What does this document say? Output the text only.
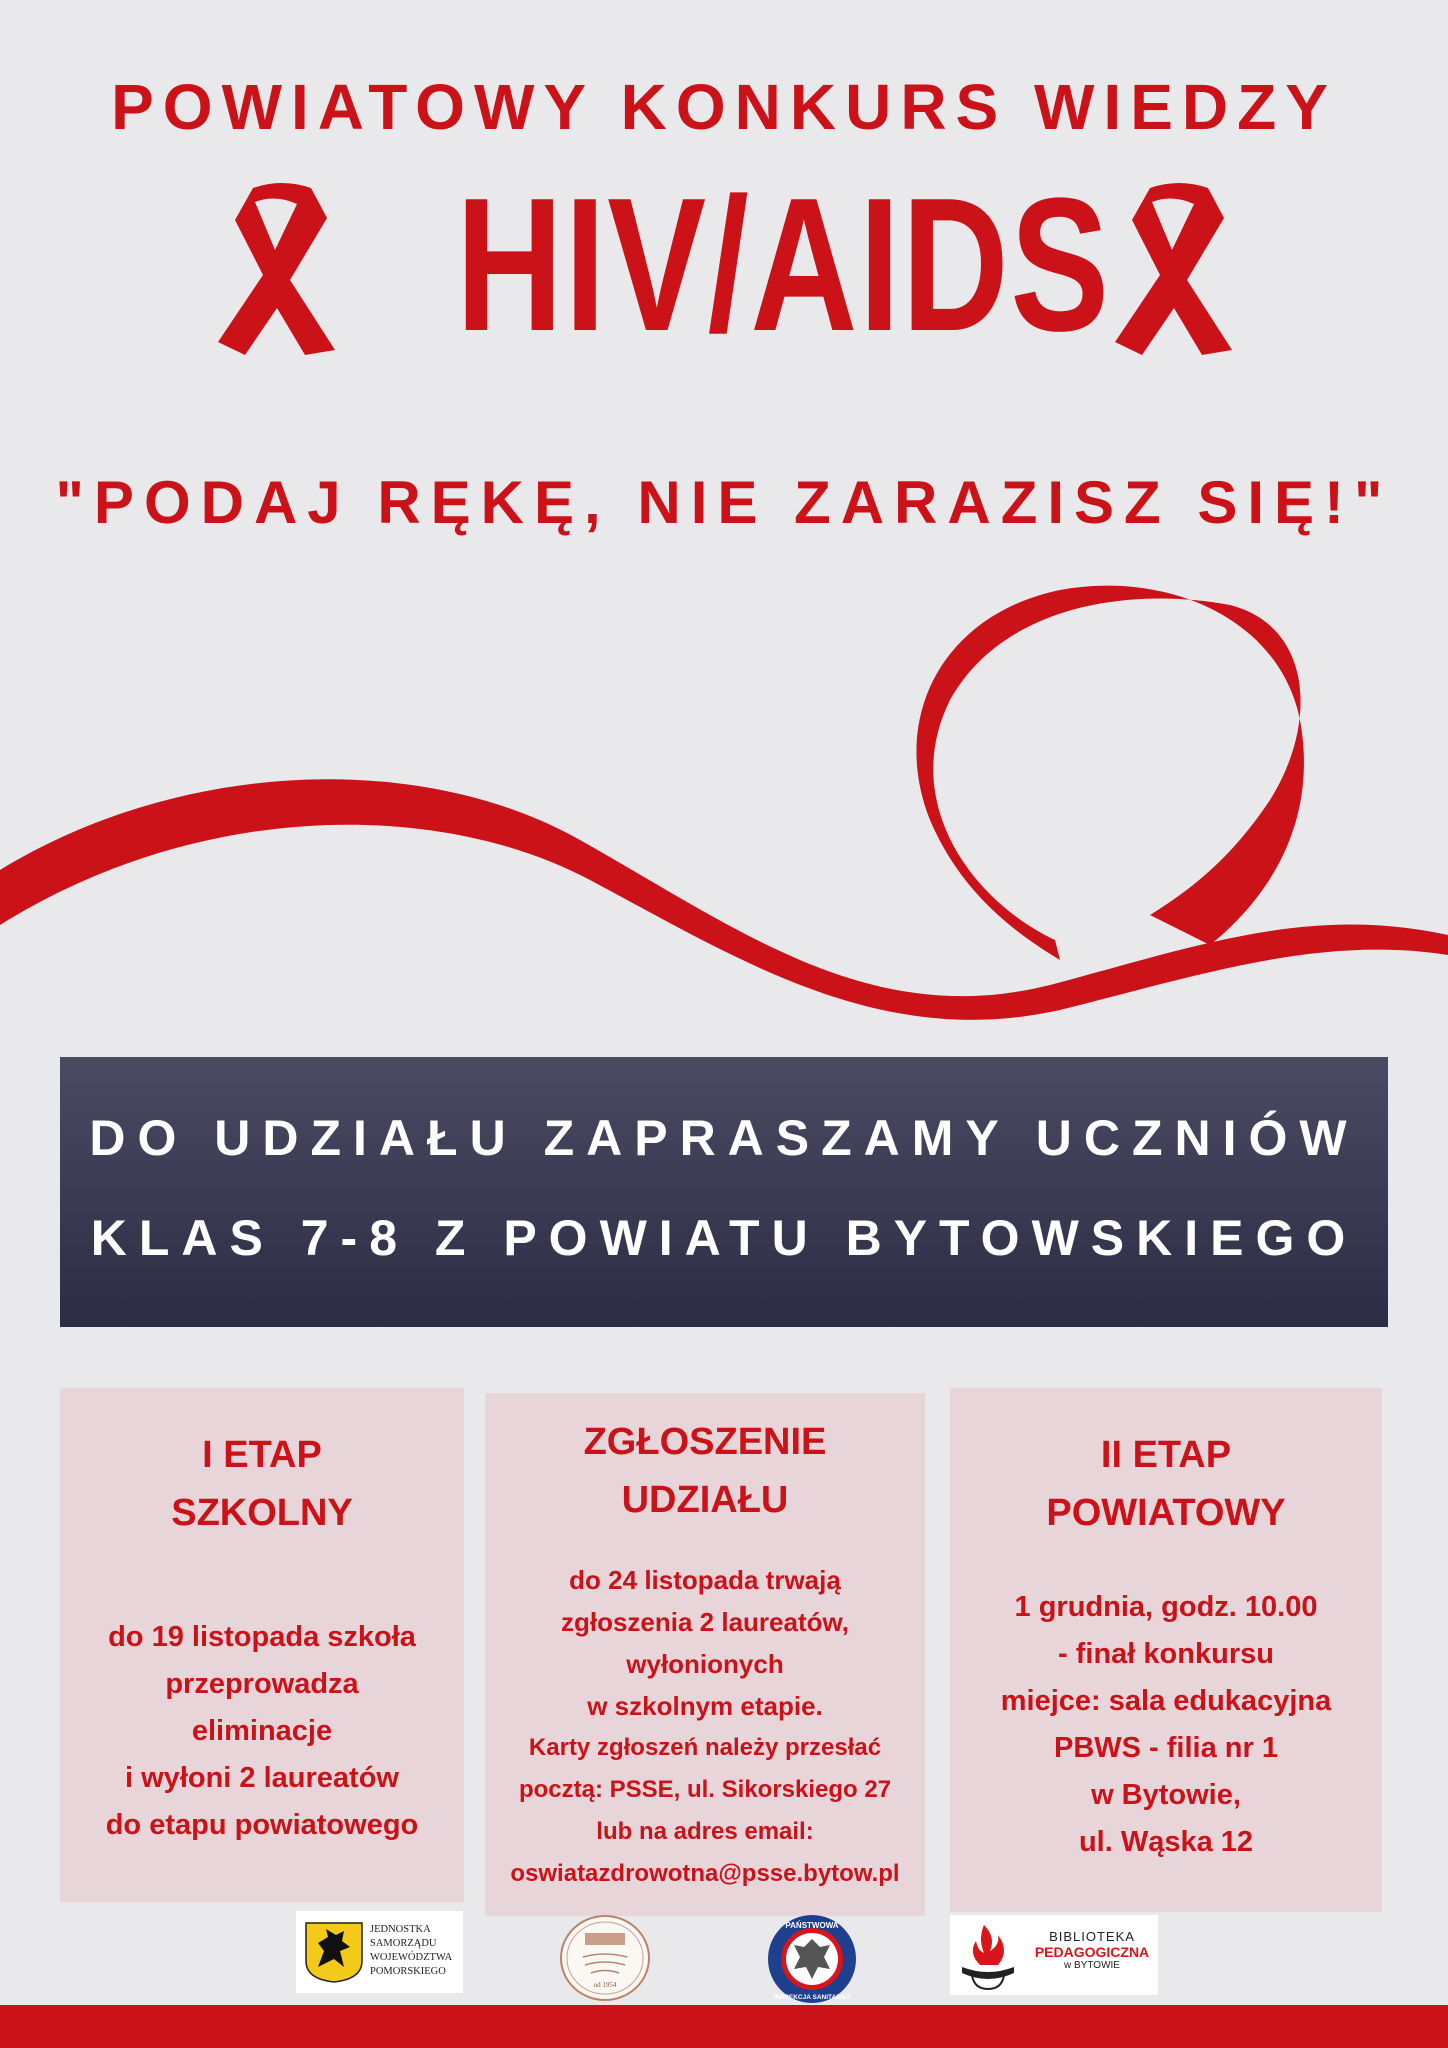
POWIATOWY KONKURS WIEDZY
HIV/AIDS
"PODAJ RĘKĘ, NIE ZARAZISZ SIĘ!"
DO UDZIAŁU ZAPRASZAMY UCZNIÓW
KLAS 7-8 Z POWIATU BYTOWSKIEGO
I ETAP
SZKOLNY
do 19 listopada szkoła
przeprowadza
eliminacje
i wyłoni 2 laureatów
do etapu powiatowego
ZGŁOSZENIE
UDZIAŁU
do 24 listopada trwają
zgłoszenia 2 laureatów,
wyłonionych
w szkolnym etapie.
Karty zgłoszeń należy przesłać
pocztą: PSSE, ul. Sikorskiego 27
lub na adres email:
oswiatazdrowotna@psse.bytow.pl
II ETAP
POWIATOWY
1 grudnia, godz. 10.00
- finał konkursu
miejce: sala edukacyjna
PBWS - filia nr 1
w Bytowie,
ul. Wąska 12
JEDNOSTKA
SAMORZĄDU
WOJEWÓDZTWA
POMORSKIEGO
od 1954
PAŃSTWOWA
INSPEKCJA SANITARNA
BIBLIOTEKA
PEDAGOGICZNA
w BYTOWIE
